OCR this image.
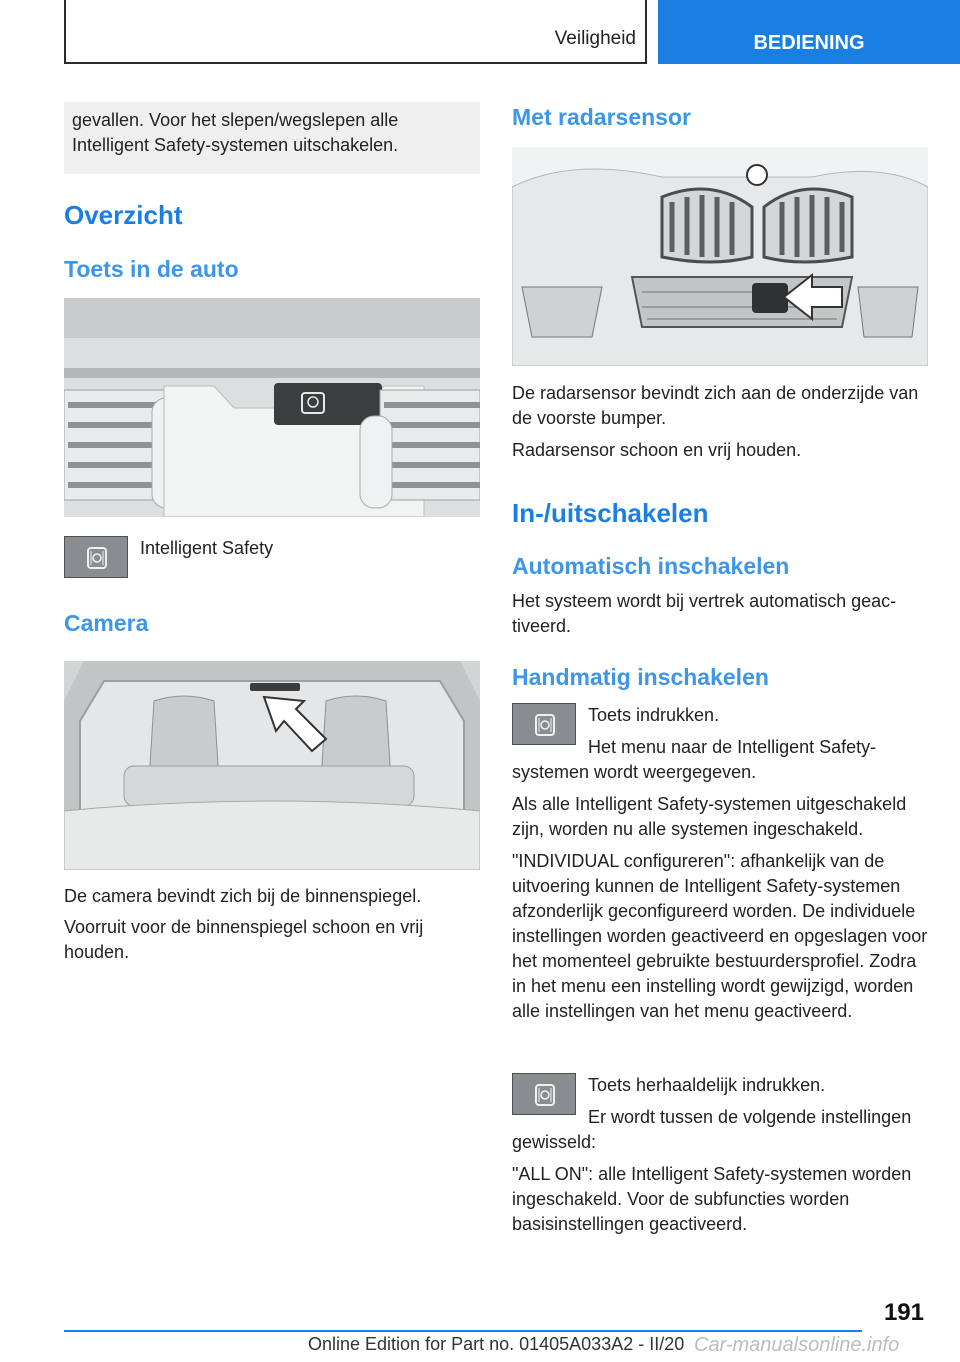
Veiligheid	BEDIENING
gevallen. Voor het slepen/wegslepen alle Intelligent Safety-systemen uitschakelen.
Overzicht
Toets in de auto

Intelligent Safety

Camera

De camera bevindt zich bij de binnenspiegel.

Voorruit voor de binnenspiegel schoon en vrij houden.

Met radarsensor

De radarsensor bevindt zich aan de onderzijde van de voorste bumper.

Radarsensor schoon en vrij houden.

In-/uitschakelen
Automatisch inschakelen

Het systeem wordt bij vertrek automatisch geactiveerd.

Handmatig inschakelen

Toets indrukken.

Het menu naar de Intelligent Safety-systemen wordt weergegeven.

Als alle Intelligent Safety-systemen uitgeschakeld zijn, worden nu alle systemen ingeschakeld.

"INDIVIDUAL configureren": afhankelijk van de uitvoering kunnen de Intelligent Safety-systemen afzonderlijk geconfigureerd worden. De individuele instellingen worden geactiveerd en opgeslagen voor het momenteel gebruikte bestuurdersprofiel. Zodra in het menu een instelling wordt gewijzigd, worden alle instellingen van het menu geactiveerd.

Toets herhaaldelijk indrukken.

Er wordt tussen de volgende instellingen gewisseld:

"ALL ON": alle Intelligent Safety-systemen worden ingeschakeld. Voor de subfuncties worden basisinstellingen geactiveerd.

191
Online Edition for Part no. 01405A033A2 - II/20 Car-manualsonline.info
